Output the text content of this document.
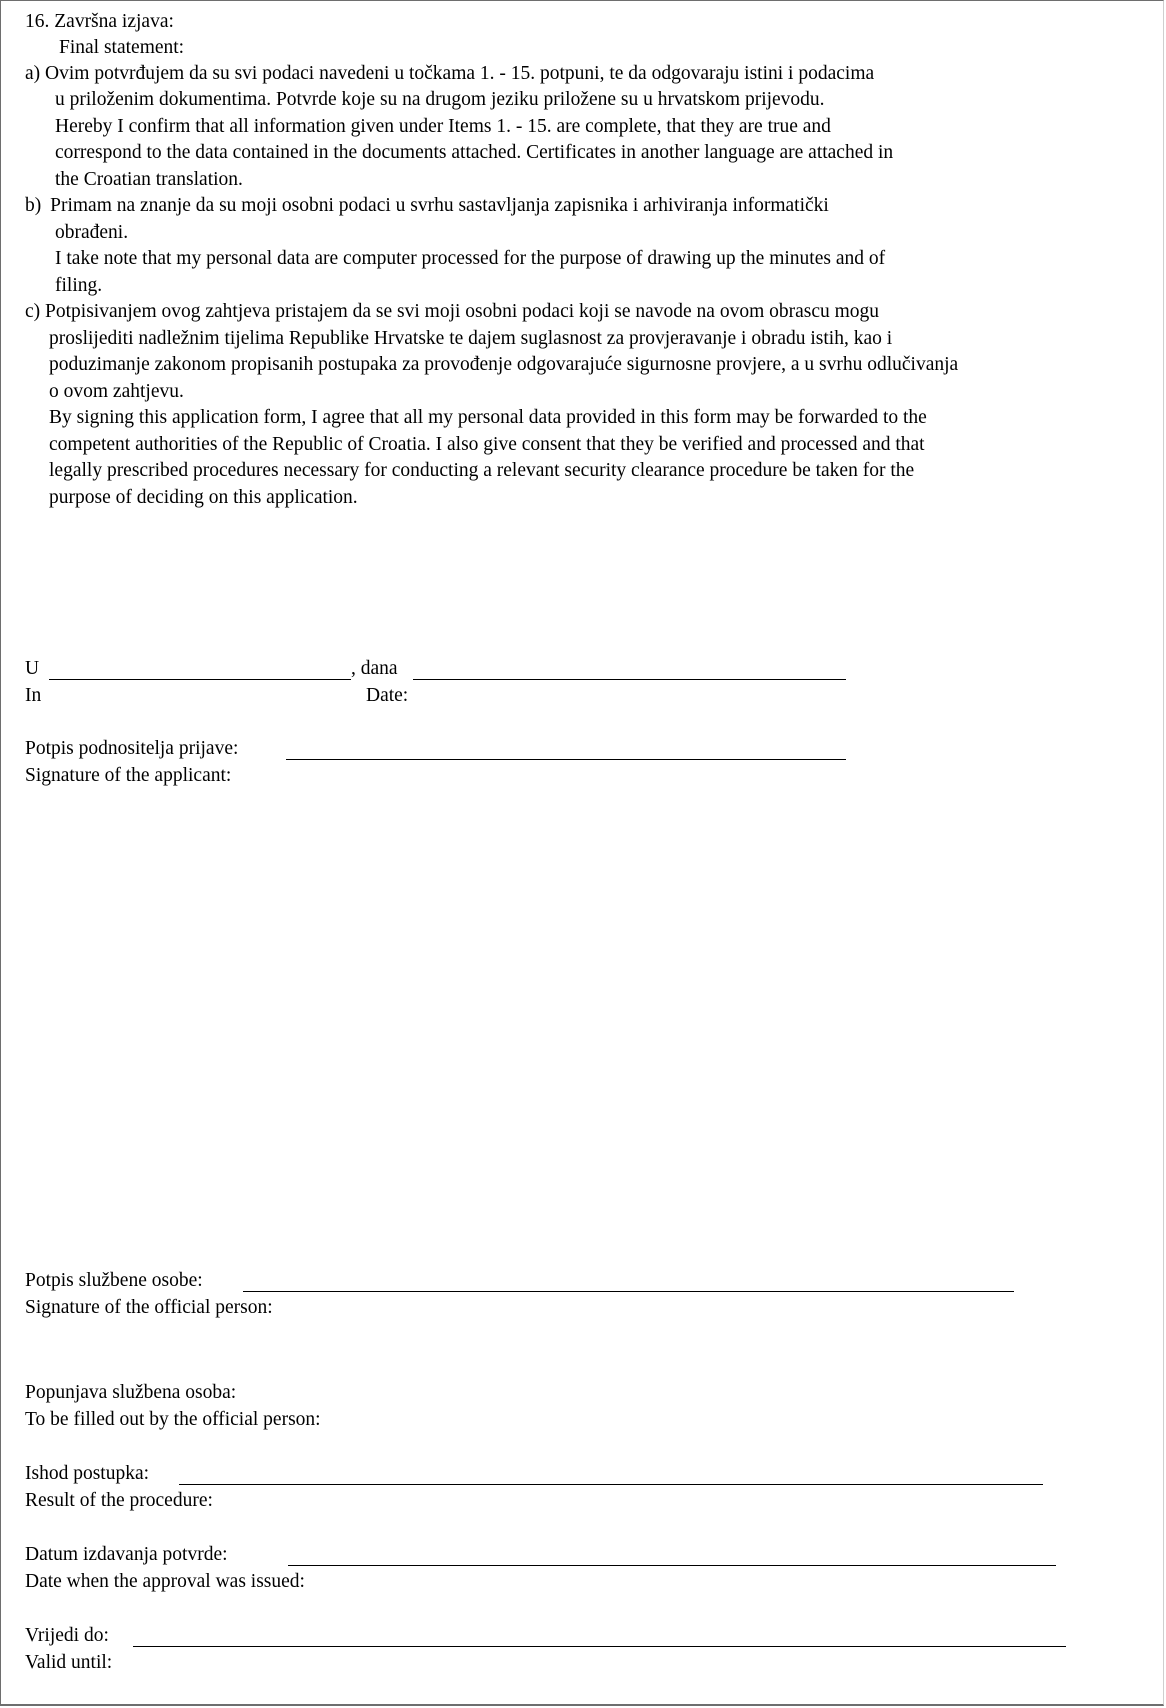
16. Završna izjava:
Final statement:
a) Ovim potvrđujem da su svi podaci navedeni u točkama 1. - 15. potpuni, te da odgovaraju istini i podacima
u priloženim dokumentima. Potvrde koje su na drugom jeziku priložene su u hrvatskom prijevodu.
Hereby I confirm that all information given under Items 1. - 15. are complete, that they are true and
correspond to the data contained in the documents attached. Certificates in another language are attached in
the Croatian translation.
b) Primam na znanje da su moji osobni podaci u svrhu sastavljanja zapisnika i arhiviranja informatički
obrađeni.
I take note that my personal data are computer processed for the purpose of drawing up the minutes and of
filing.
c) Potpisivanjem ovog zahtjeva pristajem da se svi moji osobni podaci koji se navode na ovom obrascu mogu
proslijediti nadležnim tijelima Republike Hrvatske te dajem suglasnost za provjeravanje i obradu istih, kao i
poduzimanje zakonom propisanih postupaka za provođenje odgovarajuće sigurnosne provjere, a u svrhu odlučivanja
o ovom zahtjevu.
By signing this application form, I agree that all my personal data provided in this form may be forwarded to the
competent authorities of the Republic of Croatia. I also give consent that they be verified and processed and that
legally prescribed procedures necessary for conducting a relevant security clearance procedure be taken for the
purpose of deciding on this application.
U	, dana
In	Date:
Potpis podnositelja prijave:
Signature of the applicant:
Potpis službene osobe:
Signature of the official person:
Popunjava službena osoba:
To be filled out by the official person:
Ishod postupka:
Result of the procedure:
Datum izdavanja potvrde:
Date when the approval was issued:
Vrijedi do:
Valid until:
